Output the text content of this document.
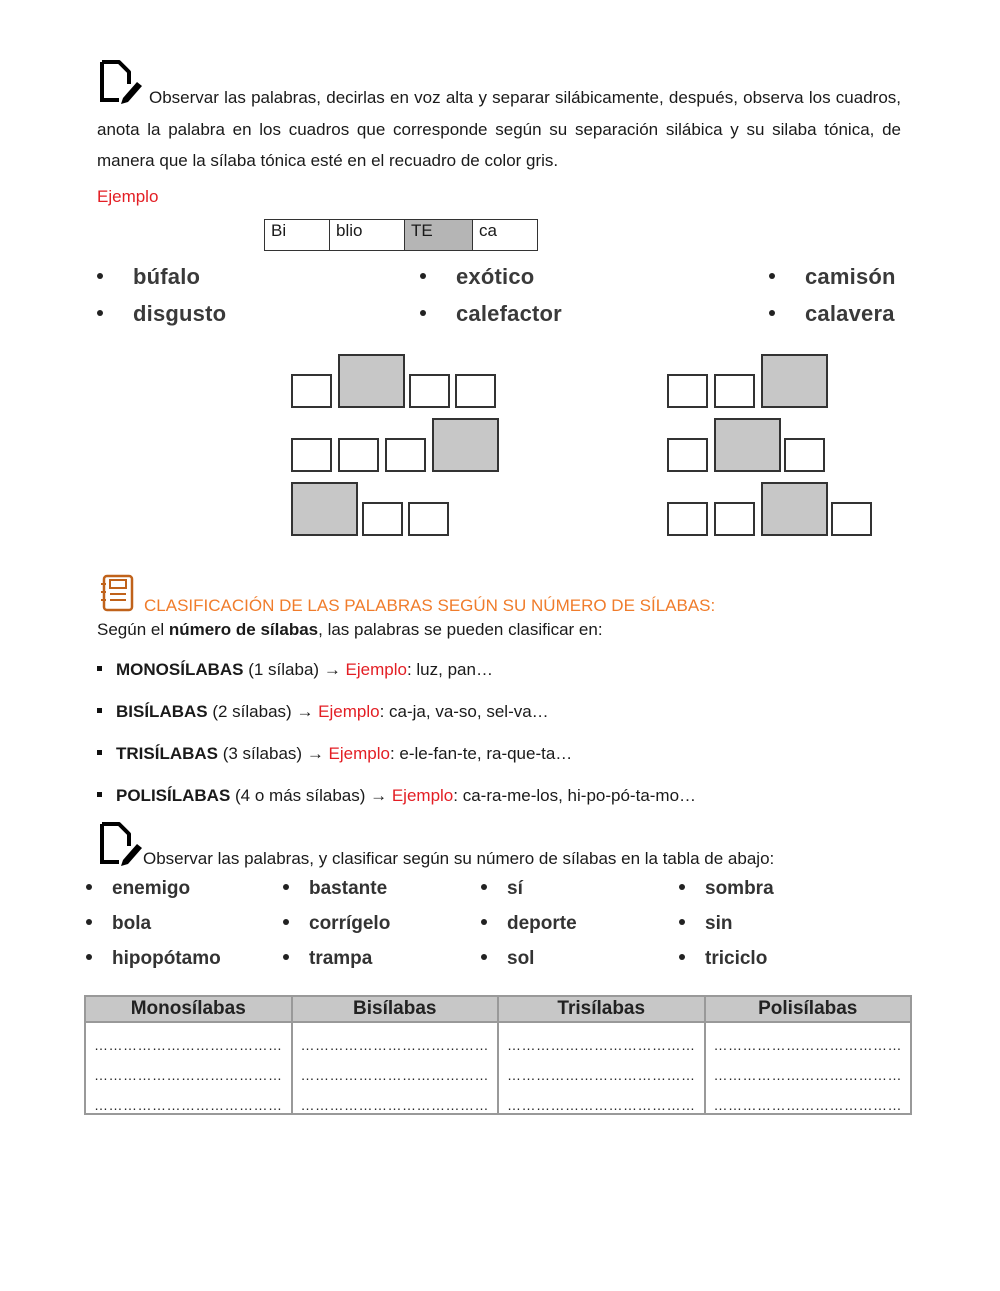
Observar las palabras, decirlas en voz alta y separar silábicamente, después, observa los cuadros, anota la palabra en los cuadros que corresponde según su separación silábica y su silaba tónica, de manera que la sílaba tónica esté en el recuadro de color gris.
Ejemplo
Bi	blio	TE	ca
búfalo	exótico	camisón
disgusto	calefactor	calavera
CLASIFICACIÓN DE LAS PALABRAS SEGÚN SU NÚMERO DE SÍLABAS:
Según el número de sílabas, las palabras se pueden clasificar en:
MONOSÍLABAS (1 sílaba) → Ejemplo: luz, pan…
BISÍLABAS (2 sílabas) → Ejemplo: ca-ja, va-so, sel-va…
TRISÍLABAS (3 sílabas) → Ejemplo: e-le-fan-te, ra-que-ta…
POLISÍLABAS (4 o más sílabas) → Ejemplo: ca-ra-me-los, hi-po-pó-ta-mo…
Observar las palabras, y clasificar según su número de sílabas en la tabla de abajo:
enemigo	bastante	sí	sombra
bola	corrígelo	deporte	sin
hipopótamo	trampa	sol	triciclo
Monosílabas	Bisílabas	Trisílabas	Polisílabas
…………………………………	…………………………………	…………………………………	…………………………………
…………………………………	…………………………………	…………………………………	…………………………………
…………………………………	…………………………………	…………………………………	…………………………………
